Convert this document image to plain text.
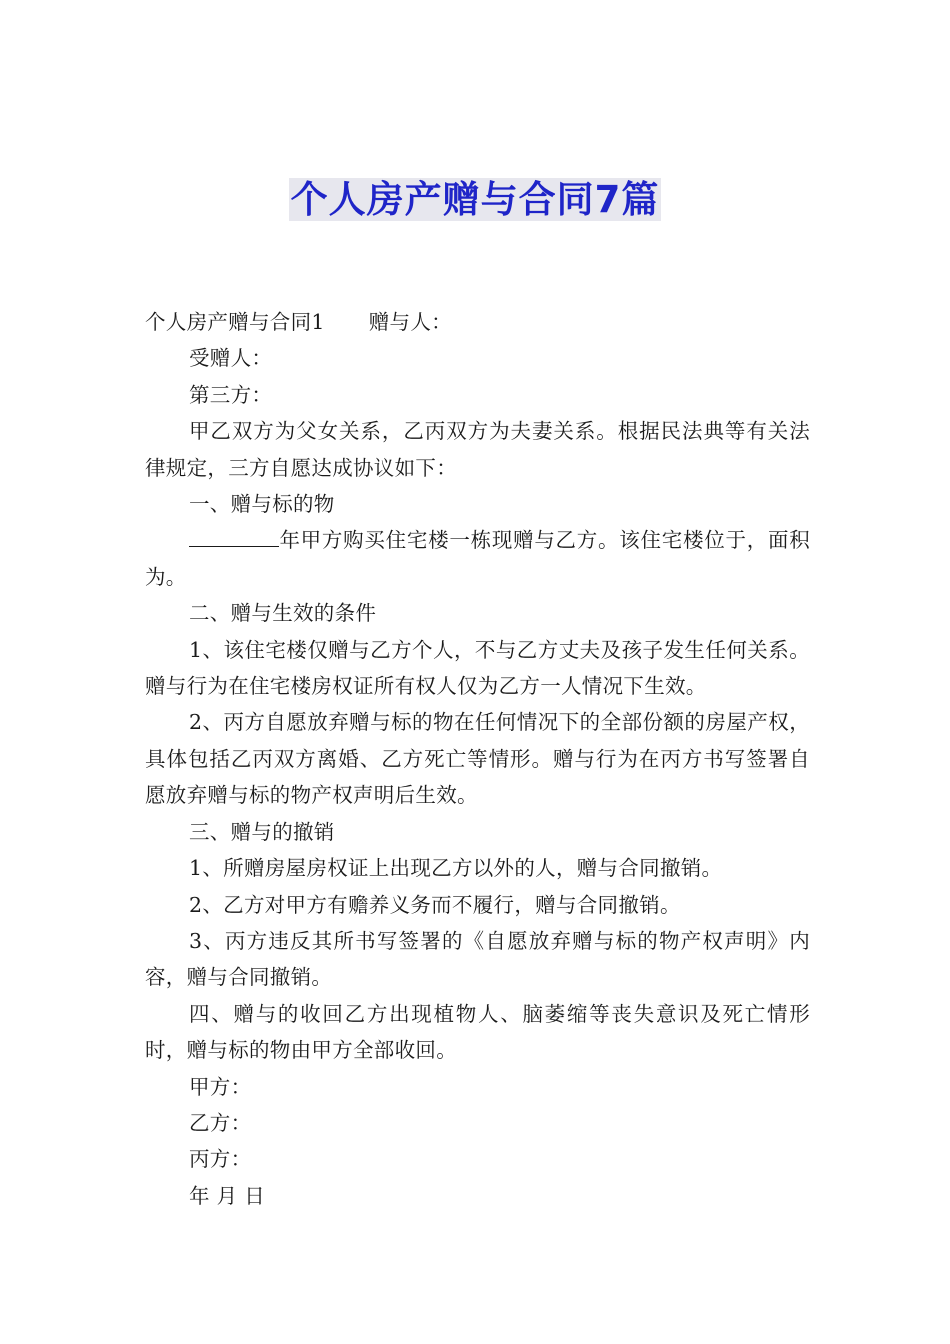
个人房产赠与合同7篇

个人房产赠与合同1 赠与人：

受赠人：

第三方：

甲乙双方为父女关系，乙丙双方为夫妻关系。根据民法典等有关法律规定，三方自愿达成协议如下：

一、赠与标的物

年甲方购买住宅楼一栋现赠与乙方。该住宅楼位于，面积为。

二、赠与生效的条件

1、该住宅楼仅赠与乙方个人，不与乙方丈夫及孩子发生任何关系。赠与行为在住宅楼房权证所有权人仅为乙方一人情况下生效。

2、丙方自愿放弃赠与标的物在任何情况下的全部份额的房屋产权，具体包括乙丙双方离婚、乙方死亡等情形。赠与行为在丙方书写签署自愿放弃赠与标的物产权声明后生效。

三、赠与的撤销

1、所赠房屋房权证上出现乙方以外的人，赠与合同撤销。

2、乙方对甲方有赡养义务而不履行，赠与合同撤销。

3、丙方违反其所书写签署的《自愿放弃赠与标的物产权声明》内容，赠与合同撤销。

四、赠与的收回乙方出现植物人、脑萎缩等丧失意识及死亡情形时，赠与标的物由甲方全部收回。

甲方：

乙方：

丙方：

年 月 日
